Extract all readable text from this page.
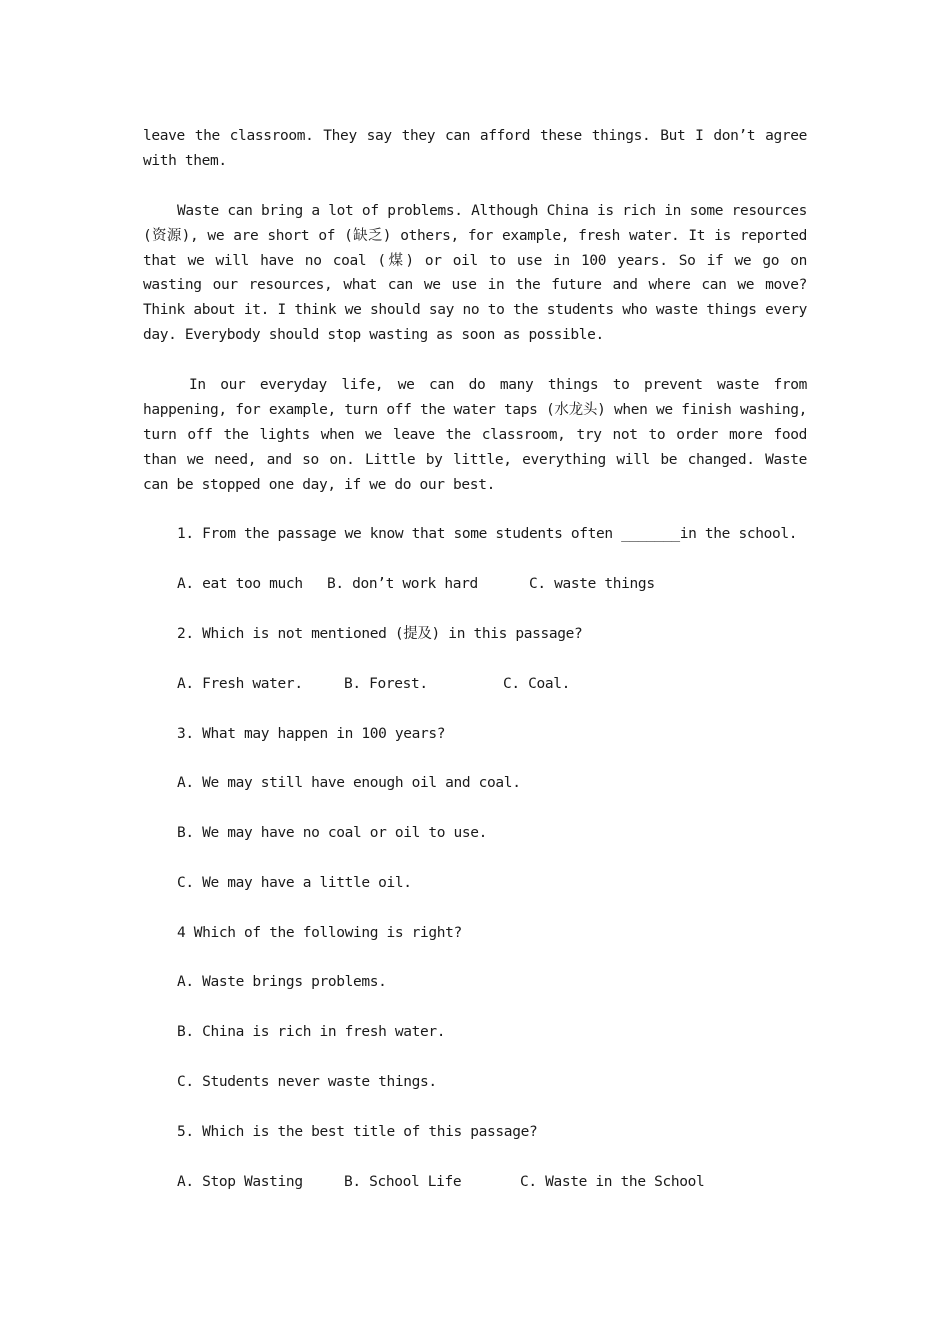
leave the classroom. They say they can afford these things. But I don’t agree with them.

Waste can bring a lot of problems. Although China is rich in some resources (资源), we are short of (缺乏) others, for example, fresh water. It is reported that we will have no coal (煤) or oil to use in 100 years. So if we go on wasting our resources, what can we use in the future and where can we move? Think about it. I think we should say no to the students who waste things every day. Everybody should stop wasting as soon as possible.

In our everyday life, we can do many things to prevent waste from happening, for example, turn off the water taps (水龙头) when we finish washing, turn off the lights when we leave the classroom, try not to order more food than we need, and so on. Little by little, everything will be changed. Waste can be stopped one day, if we do our best.

1. From the passage we know that some students often _______in the school.
A. eat too much	B. don’t work hard	C. waste things
2. Which is not mentioned (提及) in this passage?
A. Fresh water.	B. Forest.	C. Coal.
3. What may happen in 100 years?
A. We may still have enough oil and coal.
B. We may have no coal or oil to use.
C. We may have a little oil.
4 Which of the following is right?
A. Waste brings problems.
B. China is rich in fresh water.
C. Students never waste things.
5. Which is the best title of this passage?
A. Stop Wasting	B. School Life	C. Waste in the School
